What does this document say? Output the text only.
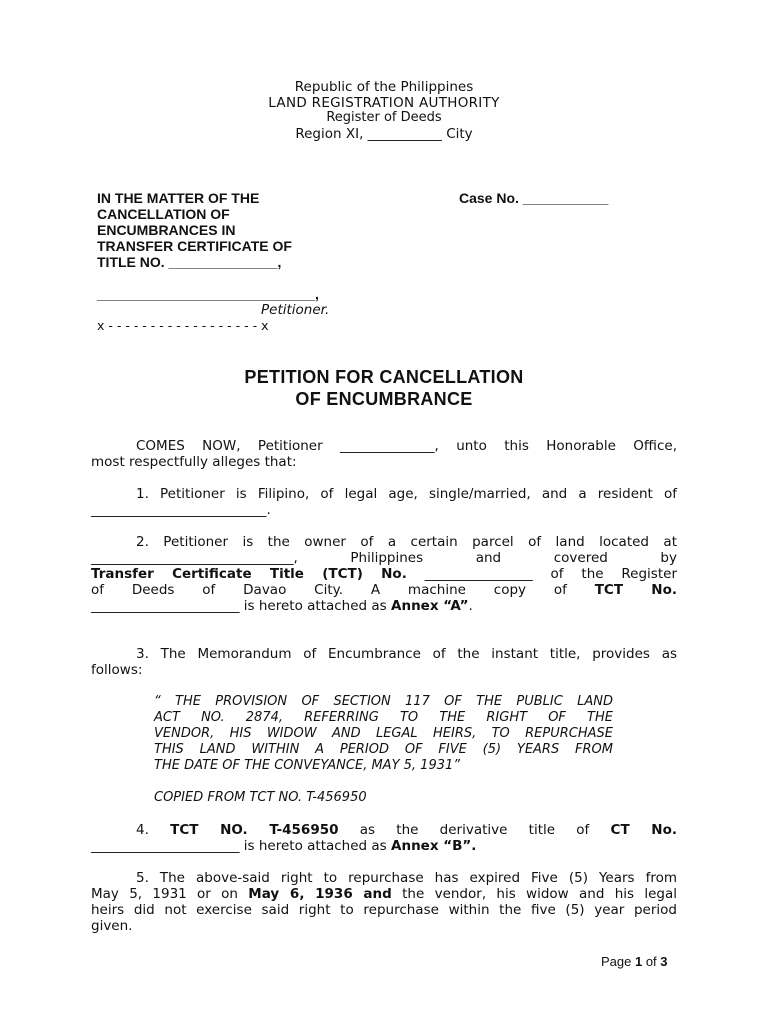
Republic of the Philippines
LAND REGISTRATION AUTHORITY
Register of Deeds
Region XI, ___________ City
IN THE MATTER OF THE
CANCELLATION OF
ENCUMBRANCES IN
TRANSFER CERTIFICATE OF
TITLE NO. ______________,
Case No. ___________
____________________________,
Petitioner.
x - - - - - - - - - - - - - - - - - - x
PETITION FOR CANCELLATION
OF ENCUMBRANCE
COMES NOW, Petitioner ______________, unto this Honorable Office,
most respectfully alleges that:
1. Petitioner is Filipino, of legal age, single/married, and a resident of
__________________________.
2. Petitioner is the owner of a certain parcel of land located at
______________________________, Philippines and covered by
Transfer Certificate Title (TCT) No. ________________ of the Register
of Deeds of Davao City. A machine copy of TCT No.
______________________ is hereto attached as Annex “A”.
3. The Memorandum of Encumbrance of the instant title, provides as
follows:
“ THE PROVISION OF SECTION 117 OF THE PUBLIC LAND
ACT NO. 2874, REFERRING TO THE RIGHT OF THE
VENDOR, HIS WIDOW AND LEGAL HEIRS, TO REPURCHASE
THIS LAND WITHIN A PERIOD OF FIVE (5) YEARS FROM
THE DATE OF THE CONVEYANCE, MAY 5, 1931”
COPIED FROM TCT NO. T-456950
4. TCT NO. T-456950 as the derivative title of CT No.
______________________ is hereto attached as Annex “B”.
5. The above-said right to repurchase has expired Five (5) Years from
May 5, 1931 or on May 6, 1936 and the vendor, his widow and his legal
heirs did not exercise said right to repurchase within the five (5) year period
given.
Page 1 of 3
